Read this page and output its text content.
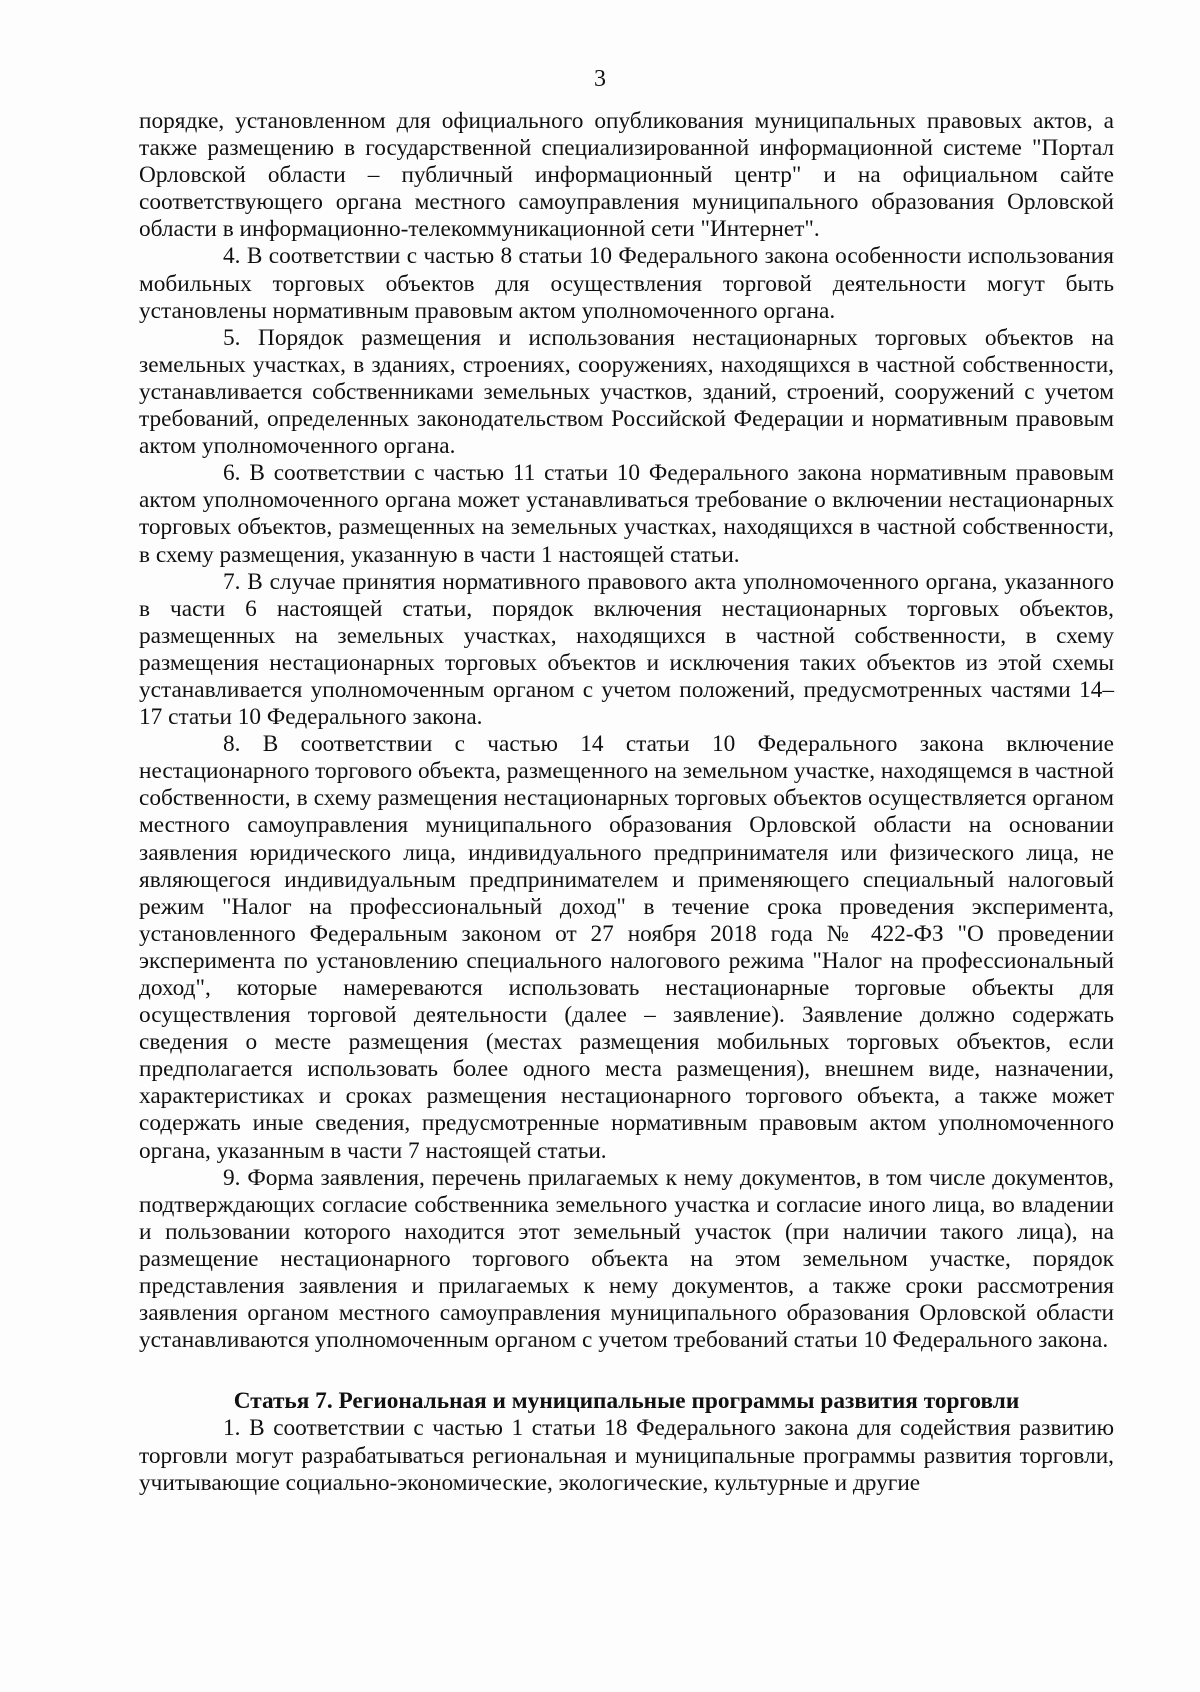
3

порядке, установленном для официального опубликования муниципальных правовых актов, а также размещению в государственной специализированной информационной системе "Портал Орловской области – публичный информационный центр" и на официальном сайте соответствующего органа местного самоуправления муниципального образования Орловской области в информационно-телекоммуникационной сети "Интернет".

4. В соответствии с частью 8 статьи 10 Федерального закона особенности использования мобильных торговых объектов для осуществления торговой деятельности могут быть установлены нормативным правовым актом уполномоченного органа.

5. Порядок размещения и использования нестационарных торговых объектов на земельных участках, в зданиях, строениях, сооружениях, находящихся в частной собственности, устанавливается собственниками земельных участков, зданий, строений, сооружений с учетом требований, определенных законодательством Российской Федерации и нормативным правовым актом уполномоченного органа.

6. В соответствии с частью 11 статьи 10 Федерального закона нормативным правовым актом уполномоченного органа может устанавливаться требование о включении нестационарных торговых объектов, размещенных на земельных участках, находящихся в частной собственности, в схему размещения, указанную в части 1 настоящей статьи.

7. В случае принятия нормативного правового акта уполномоченного органа, указанного в части 6 настоящей статьи, порядок включения нестационарных торговых объектов, размещенных на земельных участках, находящихся в частной собственности, в схему размещения нестационарных торговых объектов и исключения таких объектов из этой схемы устанавливается уполномоченным органом с учетом положений, предусмотренных частями 14–17 статьи 10 Федерального закона.

8. В соответствии с частью 14 статьи 10 Федерального закона включение нестационарного торгового объекта, размещенного на земельном участке, находящемся в частной собственности, в схему размещения нестационарных торговых объектов осуществляется органом местного самоуправления муниципального образования Орловской области на основании заявления юридического лица, индивидуального предпринимателя или физического лица, не являющегося индивидуальным предпринимателем и применяющего специальный налоговый режим "Налог на профессиональный доход" в течение срока проведения эксперимента, установленного Федеральным законом от 27 ноября 2018 года № 422-ФЗ "О проведении эксперимента по установлению специального налогового режима "Налог на профессиональный доход", которые намереваются использовать нестационарные торговые объекты для осуществления торговой деятельности (далее – заявление). Заявление должно содержать сведения о месте размещения (местах размещения мобильных торговых объектов, если предполагается использовать более одного места размещения), внешнем виде, назначении, характеристиках и сроках размещения нестационарного торгового объекта, а также может содержать иные сведения, предусмотренные нормативным правовым актом уполномоченного органа, указанным в части 7 настоящей статьи.

9. Форма заявления, перечень прилагаемых к нему документов, в том числе документов, подтверждающих согласие собственника земельного участка и согласие иного лица, во владении и пользовании которого находится этот земельный участок (при наличии такого лица), на размещение нестационарного торгового объекта на этом земельном участке, порядок представления заявления и прилагаемых к нему документов, а также сроки рассмотрения заявления органом местного самоуправления муниципального образования Орловской области устанавливаются уполномоченным органом с учетом требований статьи 10 Федерального закона.

Статья 7. Региональная и муниципальные программы развития торговли

1. В соответствии с частью 1 статьи 18 Федерального закона для содействия развитию торговли могут разрабатываться региональная и муниципальные программы развития торговли, учитывающие социально-экономические, экологические, культурные и другие
